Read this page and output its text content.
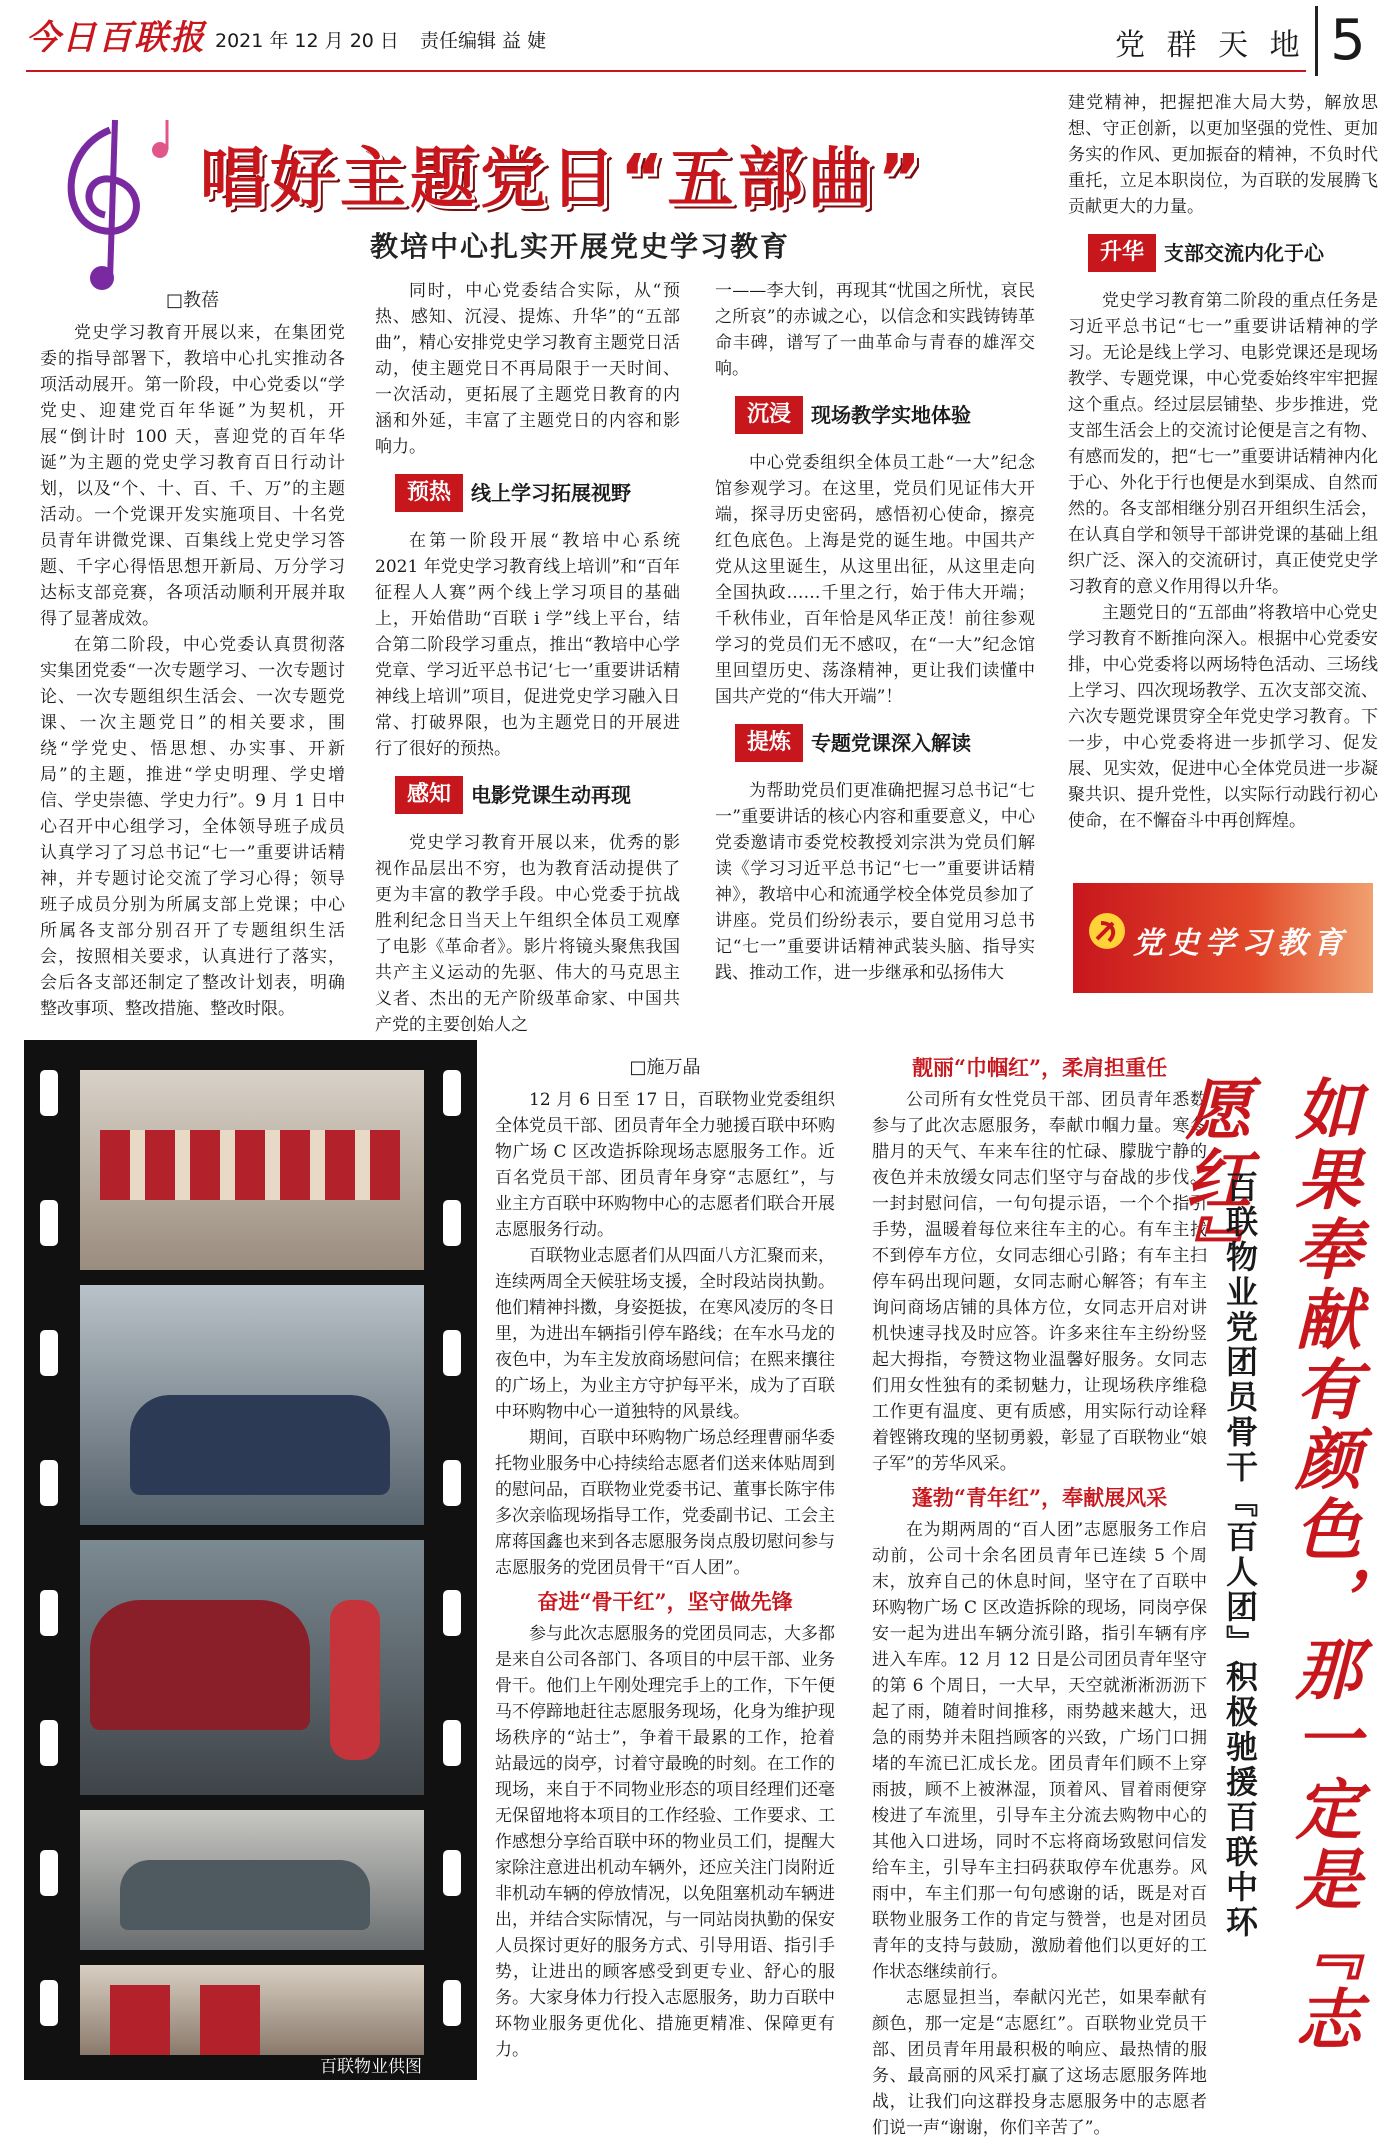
今日百联报 2021 年 12 月 20 日 责任编辑 益 婕	党 群 天 地 5
唱好主题党日“五部曲”
教培中心扎实开展党史学习教育
□教蓓

党史学习教育开展以来，在集团党委的指导部署下，教培中心扎实推动各项活动展开。第一阶段，中心党委以“学党史、迎建党百年华诞”为契机，开展“倒计时 100 天，喜迎党的百年华诞”为主题的党史学习教育百日行动计划，以及“个、十、百、千、万”的主题活动。一个党课开发实施项目、十名党员青年讲微党课、百集线上党史学习答题、千字心得悟思想开新局、万分学习达标支部竞赛，各项活动顺利开展并取得了显著成效。

在第二阶段，中心党委认真贯彻落实集团党委“一次专题学习、一次专题讨论、一次专题组织生活会、一次专题党课、一次主题党日”的相关要求，围绕“学党史、悟思想、办实事、开新局”的主题，推进“学史明理、学史增信、学史崇德、学史力行”。9 月 1 日中心召开中心组学习，全体领导班子成员认真学习了习总书记“七一”重要讲话精神，并专题讨论交流了学习心得；领导班子成员分别为所属支部上党课；中心所属各支部分别召开了专题组织生活会，按照相关要求，认真进行了落实，会后各支部还制定了整改计划表，明确整改事项、整改措施、整改时限。

同时，中心党委结合实际，从“预热、感知、沉浸、提炼、升华”的“五部曲”，精心安排党史学习教育主题党日活动，使主题党日不再局限于一天时间、一次活动，更拓展了主题党日教育的内涵和外延，丰富了主题党日的内容和影响力。

预热 线上学习拓展视野

在第一阶段开展“教培中心系统 2021 年党史学习教育线上培训”和“百年征程人人赛”两个线上学习项目的基础上，开始借助“百联 i 学”线上平台，结合第二阶段学习重点，推出“教培中心学党章、学习近平总书记‘七一’重要讲话精神线上培训”项目，促进党史学习融入日常、打破界限，也为主题党日的开展进行了很好的预热。

感知 电影党课生动再现

党史学习教育开展以来，优秀的影视作品层出不穷，也为教育活动提供了更为丰富的教学手段。中心党委于抗战胜利纪念日当天上午组织全体员工观摩了电影《革命者》。影片将镜头聚焦我国共产主义运动的先驱、伟大的马克思主义者、杰出的无产阶级革命家、中国共产党的主要创始人之

一——李大钊，再现其“忧国之所忧，哀民之所哀”的赤诚之心，以信念和实践铸铸革命丰碑，谱写了一曲革命与青春的雄浑交响。

沉浸 现场教学实地体验

中心党委组织全体员工赴“一大”纪念馆参观学习。在这里，党员们见证伟大开端，探寻历史密码，感悟初心使命，擦亮红色底色。上海是党的诞生地。中国共产党从这里诞生，从这里出征，从这里走向全国执政……千里之行，始于伟大开端；千秋伟业，百年恰是风华正茂！前往参观学习的党员们无不感叹，在“一大”纪念馆里回望历史、荡涤精神，更让我们读懂中国共产党的“伟大开端”！

提炼 专题党课深入解读

为帮助党员们更准确把握习总书记“七一”重要讲话的核心内容和重要意义，中心党委邀请市委党校教授刘宗洪为党员们解读《学习习近平总书记“七一”重要讲话精神》，教培中心和流通学校全体党员参加了讲座。党员们纷纷表示，要自觉用习总书记“七一”重要讲话精神武装头脑、指导实践、推动工作，进一步继承和弘扬伟大

建党精神，把握把准大局大势，解放思想、守正创新，以更加坚强的党性、更加务实的作风、更加振奋的精神，不负时代重托，立足本职岗位，为百联的发展腾飞贡献更大的力量。

升华 支部交流内化于心

党史学习教育第二阶段的重点任务是习近平总书记“七一”重要讲话精神的学习。无论是线上学习、电影党课还是现场教学、专题党课，中心党委始终牢牢把握这个重点。经过层层铺垫、步步推进，党支部生活会上的交流讨论便是言之有物、有感而发的，把“七一”重要讲话精神内化于心、外化于行也便是水到渠成、自然而然的。各支部相继分别召开组织生活会，在认真自学和领导干部讲党课的基础上组织广泛、深入的交流研讨，真正使党史学习教育的意义作用得以升华。

主题党日的“五部曲”将教培中心党史学习教育不断推向深入。根据中心党委安排，中心党委将以两场特色活动、三场线上学习、四次现场教学、五次支部交流、六次专题党课贯穿全年党史学习教育。下一步，中心党委将进一步抓学习、促发展、见实效，促进中心全体党员进一步凝聚共识、提升党性，以实际行动践行初心使命，在不懈奋斗中再创辉煌。

党史学习教育
百联物业供图
□施万晶

12 月 6 日至 17 日，百联物业党委组织全体党员干部、团员青年全力驰援百联中环购物广场 C 区改造拆除现场志愿服务工作。近百名党员干部、团员青年身穿“志愿红”，与业主方百联中环购物中心的志愿者们联合开展志愿服务行动。

百联物业志愿者们从四面八方汇聚而来，连续两周全天候驻场支援，全时段站岗执勤。他们精神抖擞，身姿挺拔，在寒风凌厉的冬日里，为进出车辆指引停车路线；在车水马龙的夜色中，为车主发放商场慰问信；在熙来攘往的广场上，为业主方守护每平米，成为了百联中环购物中心一道独特的风景线。

期间，百联中环购物广场总经理曹丽华委托物业服务中心持续给志愿者们送来体贴周到的慰问品，百联物业党委书记、董事长陈宇伟多次亲临现场指导工作，党委副书记、工会主席蒋国鑫也来到各志愿服务岗点殷切慰问参与志愿服务的党团员骨干“百人团”。

奋进“骨干红”，坚守做先锋

参与此次志愿服务的党团员同志，大多都是来自公司各部门、各项目的中层干部、业务骨干。他们上午刚处理完手上的工作，下午便马不停蹄地赶往志愿服务现场，化身为维护现场秩序的“站士”，争着干最累的工作，抢着站最远的岗亭，讨着守最晚的时刻。在工作的现场，来自于不同物业形态的项目经理们还毫无保留地将本项目的工作经验、工作要求、工作感想分享给百联中环的物业员工们，提醒大家除注意进出机动车辆外，还应关注门岗附近非机动车辆的停放情况，以免阻塞机动车辆进出，并结合实际情况，与一同站岗执勤的保安人员探讨更好的服务方式、引导用语、指引手势，让进出的顾客感受到更专业、舒心的服务。大家身体力行投入志愿服务，助力百联中环物业服务更优化、措施更精准、保障更有力。

靓丽“巾帼红”，柔肩担重任

公司所有女性党员干部、团员青年悉数参与了此次志愿服务，奉献巾帼力量。寒冬腊月的天气、车来车往的忙碌、朦胧宁静的夜色并未放缓女同志们坚守与奋战的步伐。一封封慰问信，一句句提示语，一个个指引手势，温暖着每位来往车主的心。有车主找不到停车方位，女同志细心引路；有车主扫停车码出现问题，女同志耐心解答；有车主询问商场店铺的具体方位，女同志开启对讲机快速寻找及时应答。许多来往车主纷纷竖起大拇指，夸赞这物业温馨好服务。女同志们用女性独有的柔韧魅力，让现场秩序维稳工作更有温度、更有质感，用实际行动诠释着铿锵玫瑰的坚韧勇毅，彰显了百联物业“娘子军”的芳华风采。

蓬勃“青年红”，奉献展风采

在为期两周的“百人团”志愿服务工作启动前，公司十余名团员青年已连续 5 个周末，放弃自己的休息时间，坚守在了百联中环购物广场 C 区改造拆除的现场，同岗亭保安一起为进出车辆分流引路，指引车辆有序进入车库。12 月 12 日是公司团员青年坚守的第 6 个周日，一大早，天空就淅淅沥沥下起了雨，随着时间推移，雨势越来越大，迅急的雨势并未阻挡顾客的兴致，广场门口拥堵的车流已汇成长龙。团员青年们顾不上穿雨披，顾不上被淋湿，顶着风、冒着雨便穿梭进了车流里，引导车主分流去购物中心的其他入口进场，同时不忘将商场致慰问信发给车主，引导车主扫码获取停车优惠券。风雨中，车主们那一句句感谢的话，既是对百联物业服务工作的肯定与赞誉，也是对团员青年的支持与鼓励，激励着他们以更好的工作状态继续前行。

志愿显担当，奉献闪光芒，如果奉献有颜色，那一定是“志愿红”。百联物业党员干部、团员青年用最积极的响应、最热情的服务、最高丽的风采打赢了这场志愿服务阵地战，让我们向这群投身志愿服务中的志愿者们说一声“谢谢，你们辛苦了”。

如果奉献有颜色，那一定是『志愿红』
百联物业党团员骨干『百人团』积极驰援百联中环
